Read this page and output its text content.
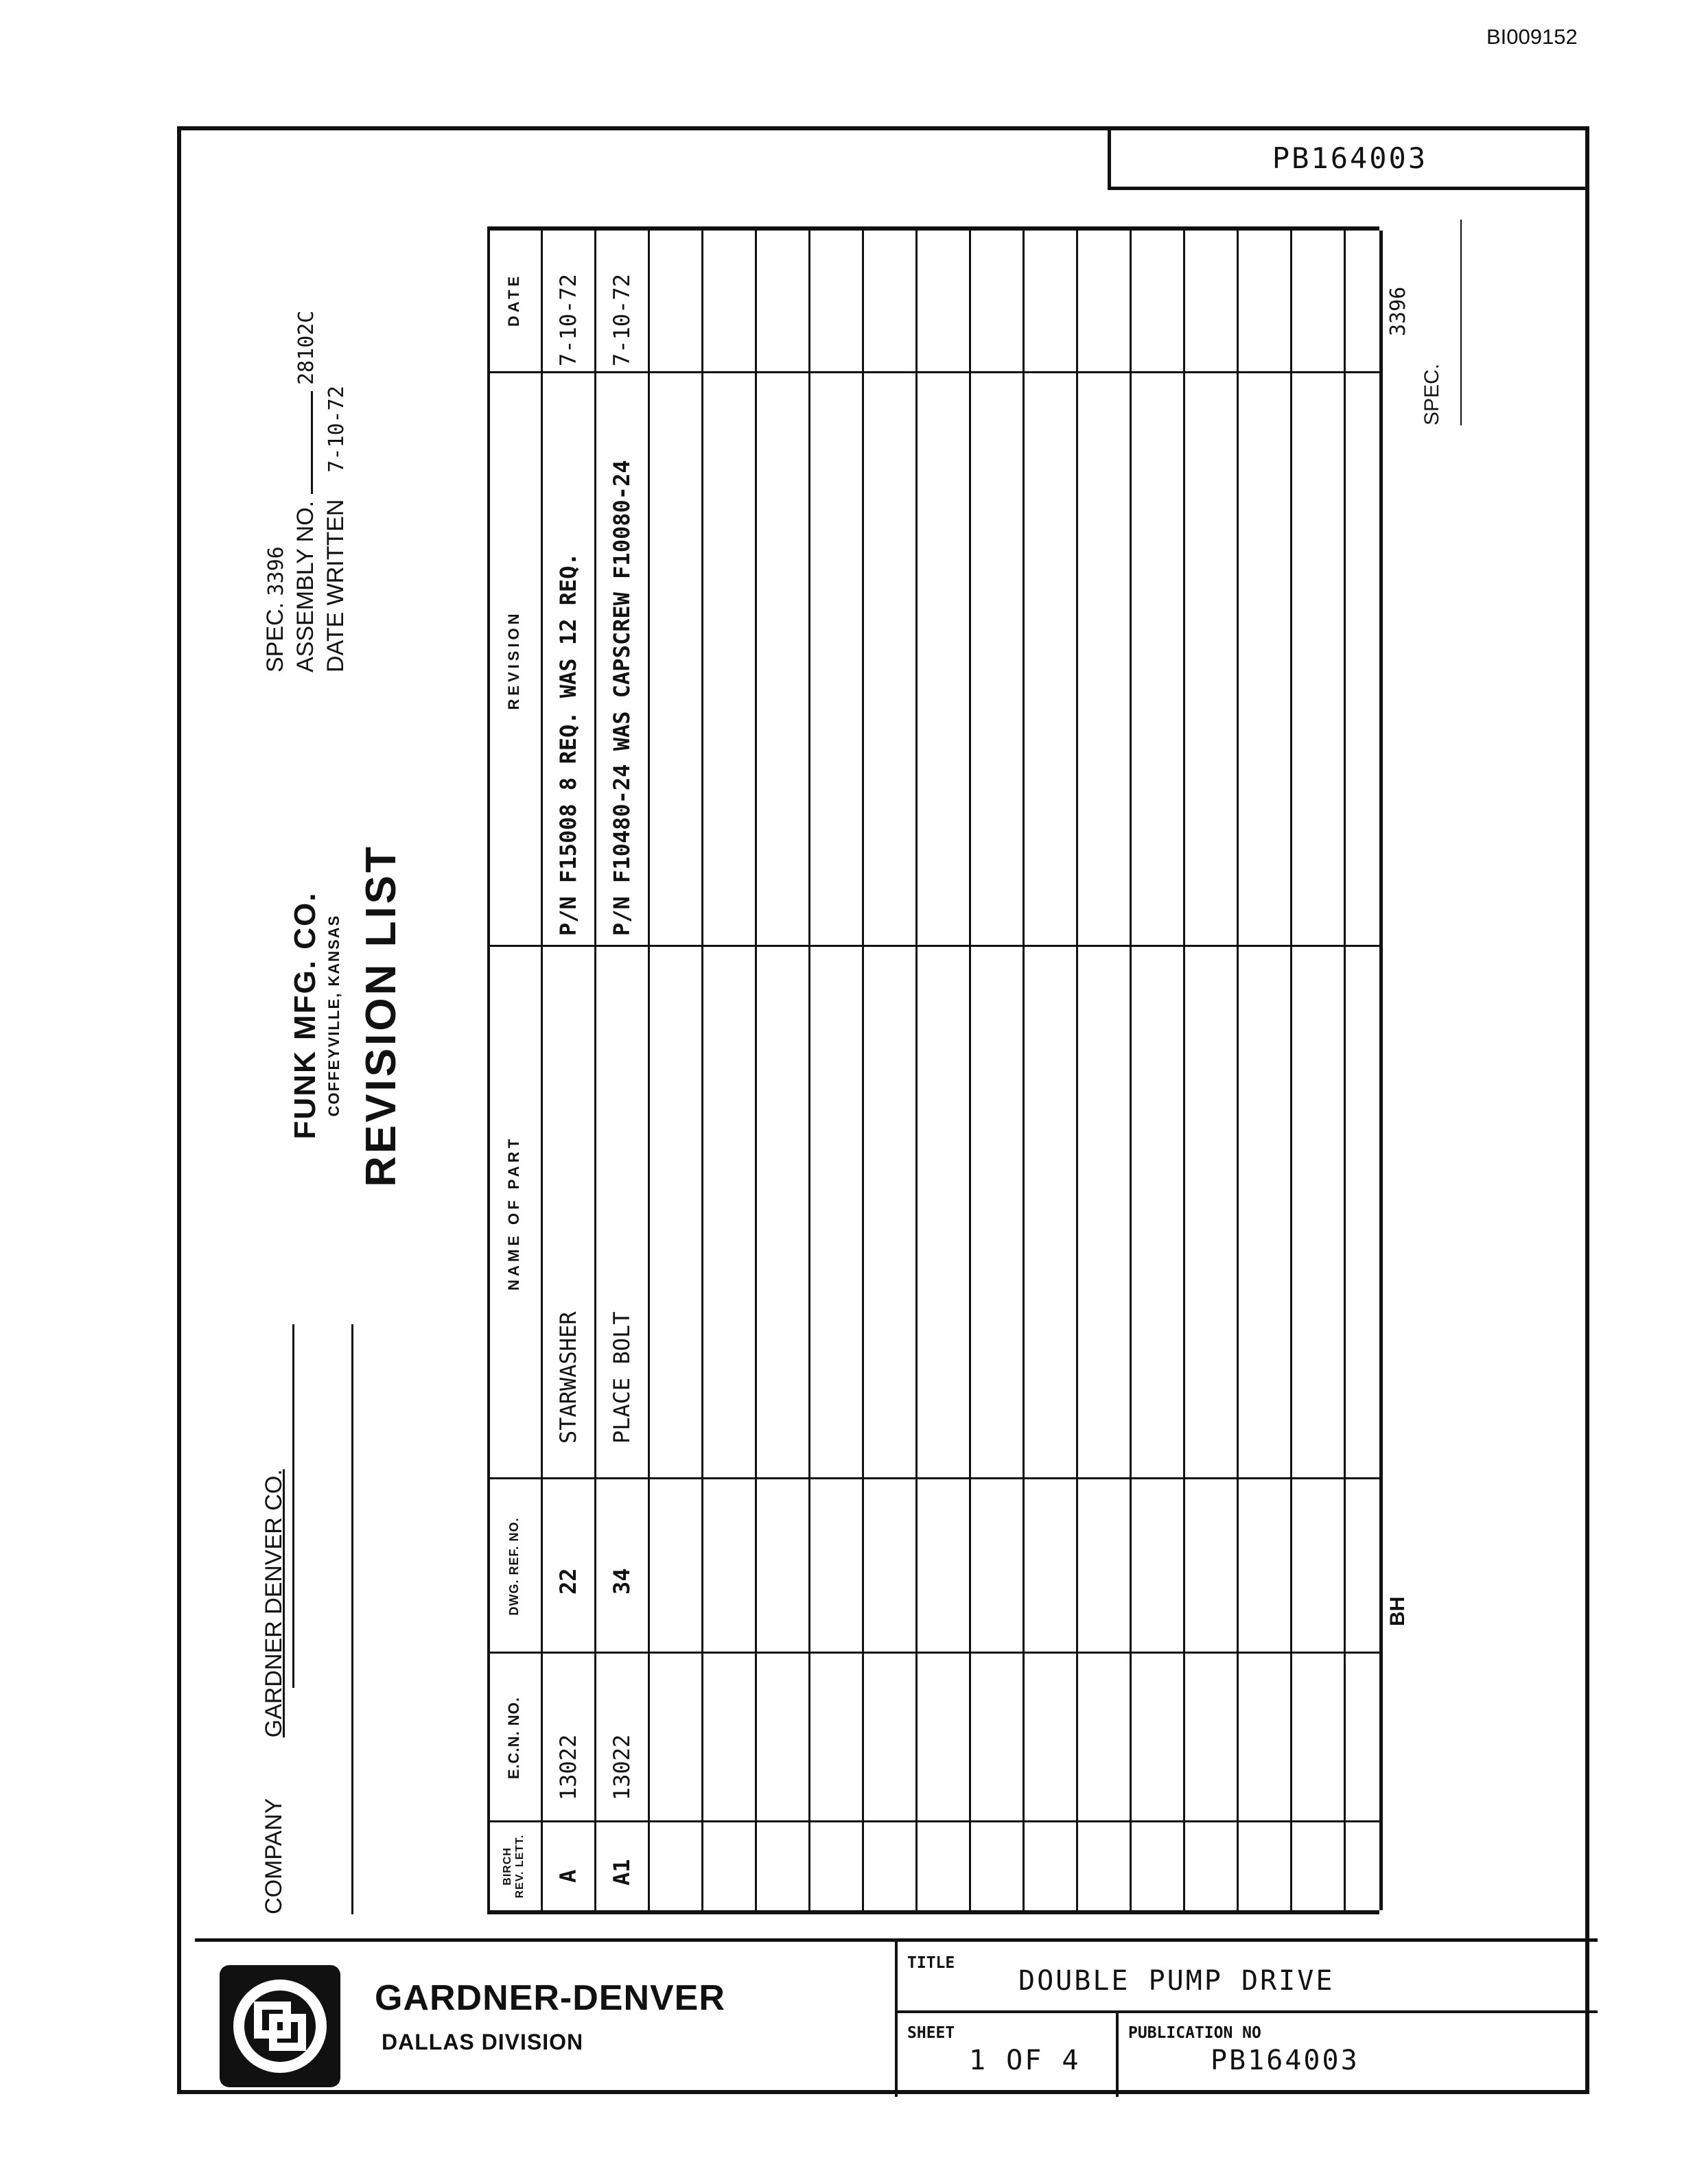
BI009152
PB164003
COMPANY  GARDNER DENVER CO.
FUNK MFG. CO. COFFEYVILLE, KANSAS REVISION LIST
SPEC. 3396 ASSEMBLY NO.  28102C
DATE WRITTEN  7-10-72
BIRCH REV. LETT.
E.C.N. NO.
DWG. REF. NO.
NAME OF PART
REVISION
DATE
A
13022
22
STARWASHER
P/N F15008 8 REQ. WAS 12 REQ.
7-10-72
A1
13022
34
PLACE BOLT
P/N F10480-24 WAS CAPSCREW F10080-24
7-10-72
BH
SPEC.
3396
GARDNER-DENVER
DALLAS DIVISION
TITLE
DOUBLE PUMP DRIVE
SHEET
1 OF 4
PUBLICATION NO
PB164003
